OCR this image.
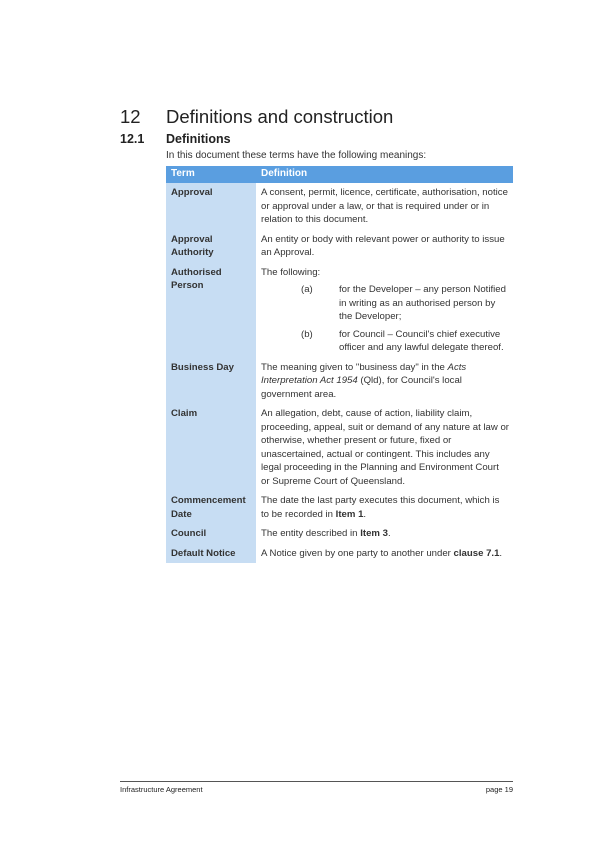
12 Definitions and construction
12.1 Definitions
In this document these terms have the following meanings:
Term	Definition
Approval	A consent, permit, licence, certificate, authorisation, notice or approval under a law, or that is required under or in relation to this document.
Approval Authority	An entity or body with relevant power or authority to issue an Approval.
Authorised Person	The following:
(a) for the Developer – any person Notified in writing as an authorised person by the Developer;
(b) for Council – Council's chief executive officer and any lawful delegate thereof.

Business Day	The meaning given to "business day" in the Acts Interpretation Act 1954 (Qld), for Council's local government area.
Claim	An allegation, debt, cause of action, liability claim, proceeding, appeal, suit or demand of any nature at law or otherwise, whether present or future, fixed or unascertained, actual or contingent. This includes any legal proceeding in the Planning and Environment Court or Supreme Court of Queensland.
Commencement Date	The date the last party executes this document, which is to be recorded in Item 1.
Council	The entity described in Item 3.
Default Notice	A Notice given by one party to another under clause 7.1.
Infrastructure Agreement	page 19
